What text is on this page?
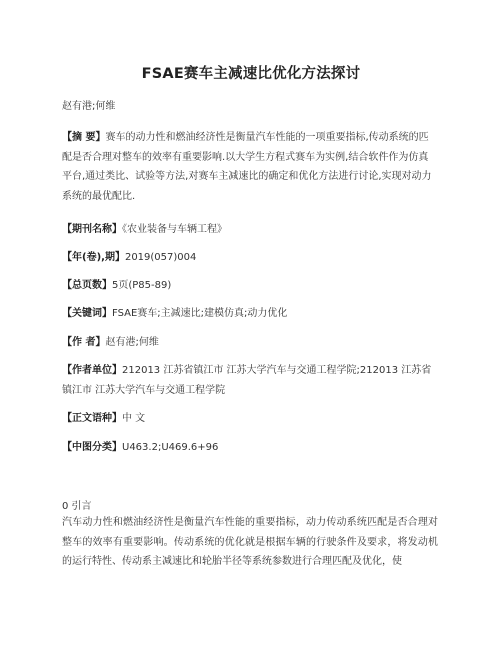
FSAE赛车主减速比优化方法探讨
赵有港;何维
【摘 要】赛车的动力性和燃油经济性是衡量汽车性能的一项重要指标,传动系统的匹配是否合理对整车的效率有重要影响.以大学生方程式赛车为实例,结合软件作为仿真平台,通过类比、试验等方法,对赛车主减速比的确定和优化方法进行讨论,实现对动力系统的最优配比.
【期刊名称】《农业装备与车辆工程》
【年(卷),期】2019(057)004
【总页数】5页(P85-89)
【关键词】FSAE赛车;主减速比;建模仿真;动力优化
【作 者】赵有港;何维
【作者单位】212013 江苏省镇江市 江苏大学汽车与交通工程学院;212013 江苏省镇江市 江苏大学汽车与交通工程学院
【正文语种】中 文
【中图分类】U463.2;U469.6+96
0 引言
汽车动力性和燃油经济性是衡量汽车性能的重要指标，动力传动系统匹配是否合理对整车的效率有重要影响。传动系统的优化就是根据车辆的行驶条件及要求，将发动机的运行特性、传动系主减速比和轮胎半径等系统参数进行合理匹配及优化，使
